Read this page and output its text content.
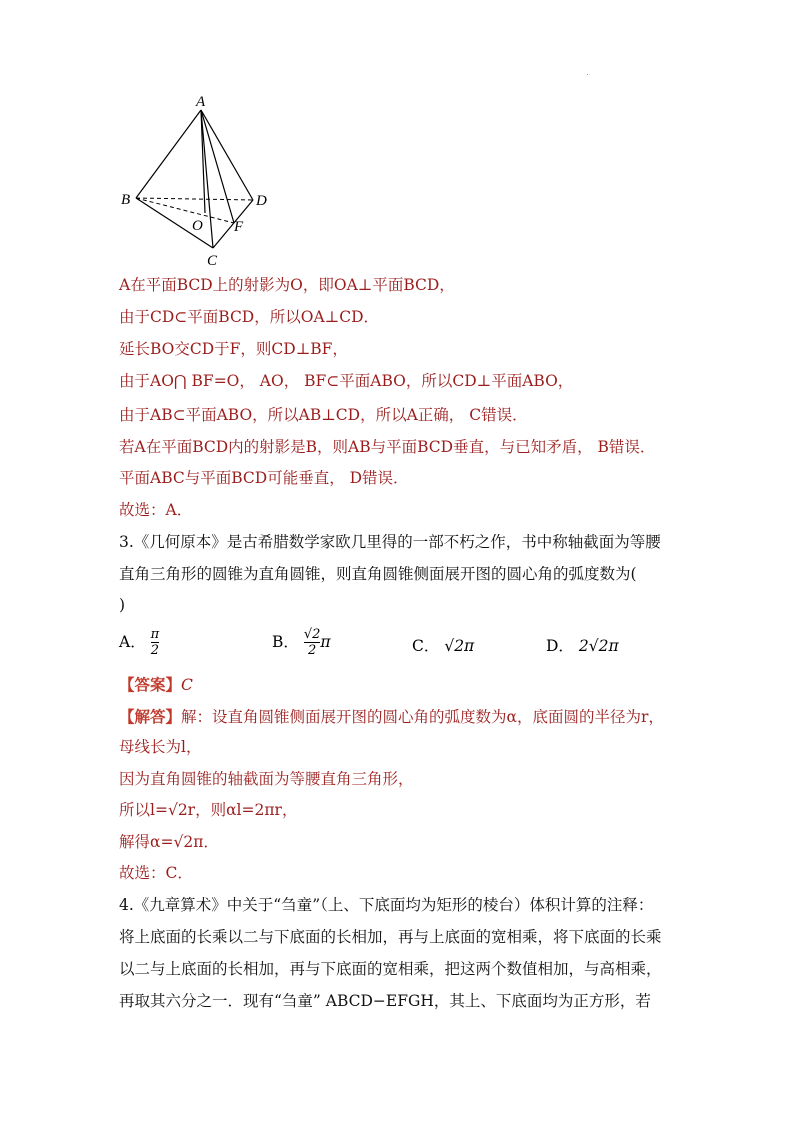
A
B	D
O F
C
A在平面BCD上的射影为O，即OA⊥平面BCD，
由于CD⊂平面BCD，所以OA⊥CD．
延长BO交CD于F，则CD⊥BF，
由于AO⋂ BF=O， AO， BF⊂平面ABO，所以CD⊥平面ABO，
由于AB⊂平面ABO，所以AB⊥CD，所以A正确， C错误．
若A在平面BCD内的射影是B，则AB与平面BCD垂直，与已知矛盾， B错误．
平面ABC与平面BCD可能垂直， D错误．
故选：A．
3.《几何原本》是古希腊数学家欧几里得的一部不朽之作，书中称轴截面为等腰
直角三角形的圆锥为直角圆锥，则直角圆锥侧面展开图的圆心角的弧度数为(
)
A． $\frac{\pi}{2}$	B． $\frac{√2}{2}$ π	C． √2π	D． 2√2π
【答案】C
【解答】解：设直角圆锥侧面展开图的圆心角的弧度数为α，底面圆的半径为r，
母线长为l，
因为直角圆锥的轴截面为等腰直角三角形，
所以l=√2r，则αl=2πr，
解得α=√2π．
故选：C．
4.《九章算术》中关于“刍童”（上、下底面均为矩形的棱台）体积计算的注释：
将上底面的长乘以二与下底面的长相加，再与上底面的宽相乘，将下底面的长乘
以二与上底面的长相加，再与下底面的宽相乘，把这两个数值相加，与高相乘，
再取其六分之一．现有“刍童” ABCD−EFGH，其上、下底面均为正方形，若
